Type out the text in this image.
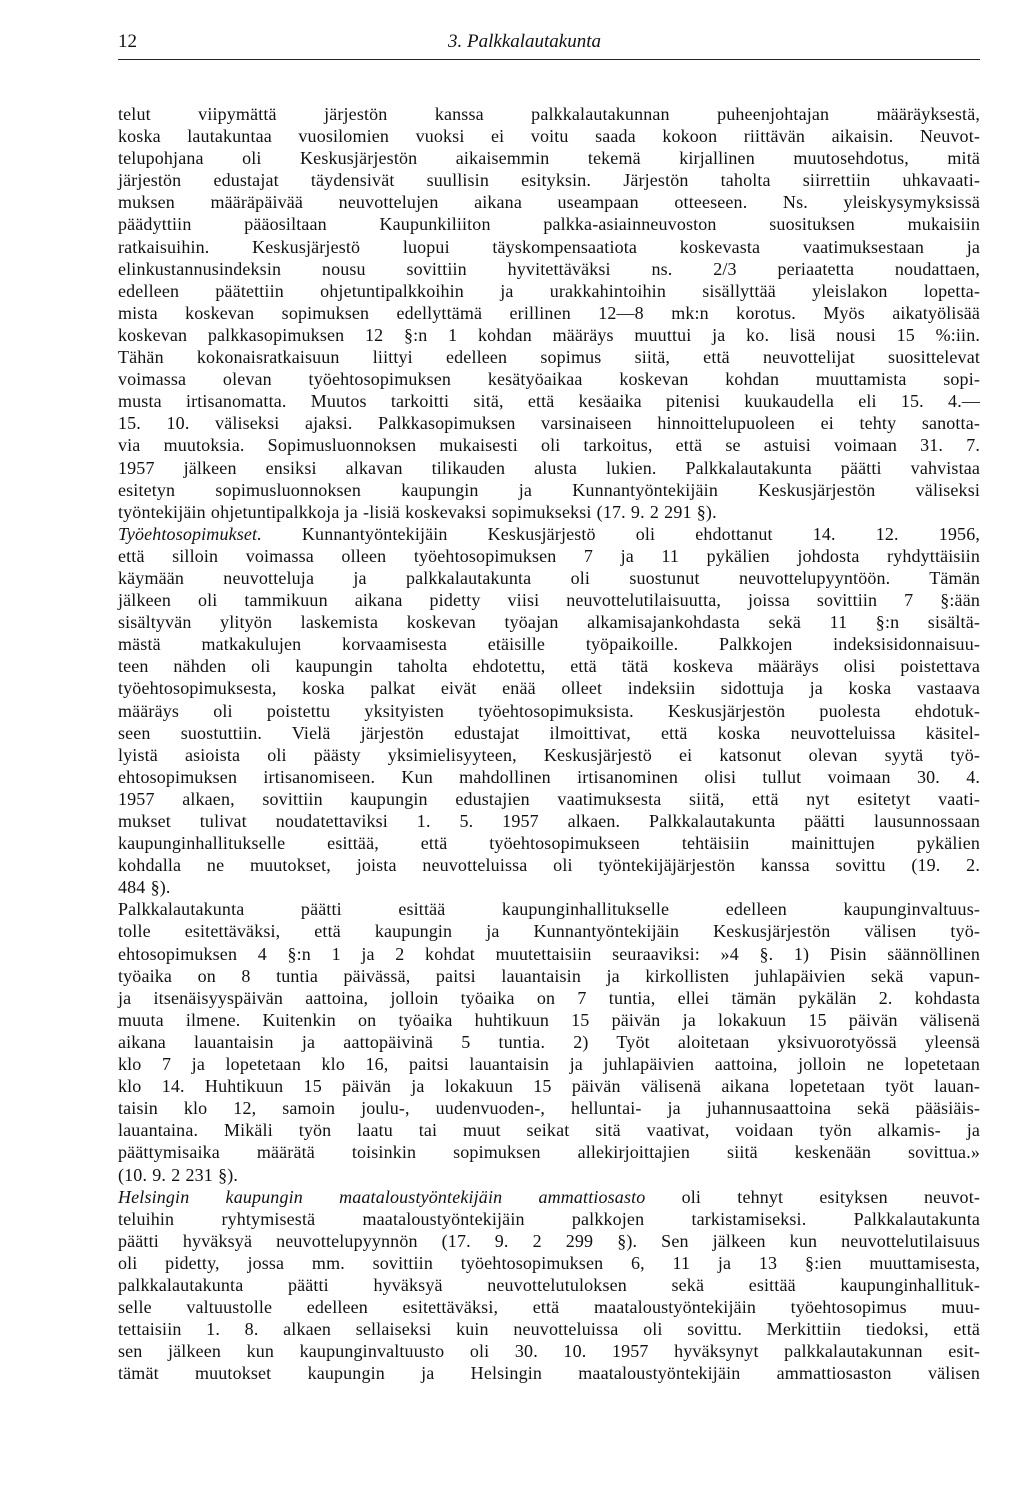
12	3. Palkkalautakunta
telut viipymättä järjestön kanssa palkkalautakunnan puheenjohtajan määräyksestä,
koska lautakuntaa vuosilomien vuoksi ei voitu saada kokoon riittävän aikaisin. Neuvot-
telupohjana oli Keskusjärjestön aikaisemmin tekemä kirjallinen muutosehdotus, mitä
järjestön edustajat täydensivät suullisin esityksin. Järjestön taholta siirrettiin uhkavaati-
muksen määräpäivää neuvottelujen aikana useampaan otteeseen. Ns. yleiskysymyksissä
päädyttiin pääosiltaan Kaupunkiliiton palkka-asiainneuvoston suosituksen mukaisiin
ratkaisuihin. Keskusjärjestö luopui täyskompensaatiota koskevasta vaatimuksestaan ja
elinkustannusindeksin nousu sovittiin hyvitettäväksi ns. 2/3 periaatetta noudattaen,
edelleen päätettiin ohjetuntipalkkoihin ja urakkahintoihin sisällyttää yleislakon lopetta-
mista koskevan sopimuksen edellyttämä erillinen 12—8 mk:n korotus. Myös aikatyölisää
koskevan palkkasopimuksen 12 §:n 1 kohdan määräys muuttui ja ko. lisä nousi 15 %:iin.
Tähän kokonaisratkaisuun liittyi edelleen sopimus siitä, että neuvottelijat suosittelevat
voimassa olevan työehtosopimuksen kesätyöaikaa koskevan kohdan muuttamista sopi-
musta irtisanomatta. Muutos tarkoitti sitä, että kesäaika pitenisi kuukaudella eli 15. 4.—
15. 10. väliseksi ajaksi. Palkkasopimuksen varsinaiseen hinnoittelupuoleen ei tehty sanotta-
via muutoksia. Sopimusluonnoksen mukaisesti oli tarkoitus, että se astuisi voimaan 31. 7.
1957 jälkeen ensiksi alkavan tilikauden alusta lukien. Palkkalautakunta päätti vahvistaa
esitetyn sopimusluonnoksen kaupungin ja Kunnantyöntekijäin Keskusjärjestön väliseksi
työntekijäin ohjetuntipalkkoja ja -lisiä koskevaksi sopimukseksi (17. 9. 2 291 §).
Työehtosopimukset. Kunnantyöntekijäin Keskusjärjestö oli ehdottanut 14. 12. 1956,
että silloin voimassa olleen työehtosopimuksen 7 ja 11 pykälien johdosta ryhdyttäisiin
käymään neuvotteluja ja palkkalautakunta oli suostunut neuvottelupyyntöön. Tämän
jälkeen oli tammikuun aikana pidetty viisi neuvottelutilaisuutta, joissa sovittiin 7 §:ään
sisältyvän ylityön laskemista koskevan työajan alkamisajankohdasta sekä 11 §:n sisältä-
mästä matkakulujen korvaamisesta etäisille työpaikoille. Palkkojen indeksisidonnaisuu-
teen nähden oli kaupungin taholta ehdotettu, että tätä koskeva määräys olisi poistettava
työehtosopimuksesta, koska palkat eivät enää olleet indeksiin sidottuja ja koska vastaava
määräys oli poistettu yksityisten työehtosopimuksista. Keskusjärjestön puolesta ehdotuk-
seen suostuttiin. Vielä järjestön edustajat ilmoittivat, että koska neuvotteluissa käsitel-
lyistä asioista oli päästy yksimielisyyteen, Keskusjärjestö ei katsonut olevan syytä työ-
ehtosopimuksen irtisanomiseen. Kun mahdollinen irtisanominen olisi tullut voimaan 30. 4.
1957 alkaen, sovittiin kaupungin edustajien vaatimuksesta siitä, että nyt esitetyt vaati-
mukset tulivat noudatettaviksi 1. 5. 1957 alkaen. Palkkalautakunta päätti lausunnossaan
kaupunginhallitukselle esittää, että työehtosopimukseen tehtäisiin mainittujen pykälien
kohdalla ne muutokset, joista neuvotteluissa oli työntekijäjärjestön kanssa sovittu (19. 2.
484 §).
Palkkalautakunta päätti esittää kaupunginhallitukselle edelleen kaupunginvaltuus-
tolle esitettäväksi, että kaupungin ja Kunnantyöntekijäin Keskusjärjestön välisen työ-
ehtosopimuksen 4 §:n 1 ja 2 kohdat muutettaisiin seuraaviksi: »4 §. 1) Pisin säännöllinen
työaika on 8 tuntia päivässä, paitsi lauantaisin ja kirkollisten juhlapäivien sekä vapun-
ja itsenäisyyspäivän aattoina, jolloin työaika on 7 tuntia, ellei tämän pykälän 2. kohdasta
muuta ilmene. Kuitenkin on työaika huhtikuun 15 päivän ja lokakuun 15 päivän välisenä
aikana lauantaisin ja aattopäivinä 5 tuntia. 2) Työt aloitetaan yksivuorotyössä yleensä
klo 7 ja lopetetaan klo 16, paitsi lauantaisin ja juhlapäivien aattoina, jolloin ne lopetetaan
klo 14. Huhtikuun 15 päivän ja lokakuun 15 päivän välisenä aikana lopetetaan työt lauan-
taisin klo 12, samoin joulu-, uudenvuoden-, helluntai- ja juhannusaattoina sekä pääsiäis-
lauantaina. Mikäli työn laatu tai muut seikat sitä vaativat, voidaan työn alkamis- ja
päättymisaika määrätä toisinkin sopimuksen allekirjoittajien siitä keskenään sovittua.»
(10. 9. 2 231 §).
Helsingin kaupungin maataloustyöntekijäin ammattiosasto oli tehnyt esityksen neuvot-
teluihin ryhtymisestä maataloustyöntekijäin palkkojen tarkistamiseksi. Palkkalautakunta
päätti hyväksyä neuvottelupyynnön (17. 9. 2 299 §). Sen jälkeen kun neuvottelutilaisuus
oli pidetty, jossa mm. sovittiin työehtosopimuksen 6, 11 ja 13 §:ien muuttamisesta,
palkkalautakunta päätti hyväksyä neuvottelutuloksen sekä esittää kaupunginhallituk-
selle valtuustolle edelleen esitettäväksi, että maataloustyöntekijäin työehtosopimus muu-
tettaisiin 1. 8. alkaen sellaiseksi kuin neuvotteluissa oli sovittu. Merkittiin tiedoksi, että
sen jälkeen kun kaupunginvaltuusto oli 30. 10. 1957 hyväksynyt palkkalautakunnan esit-
tämät muutokset kaupungin ja Helsingin maataloustyöntekijäin ammattiosaston välisen
